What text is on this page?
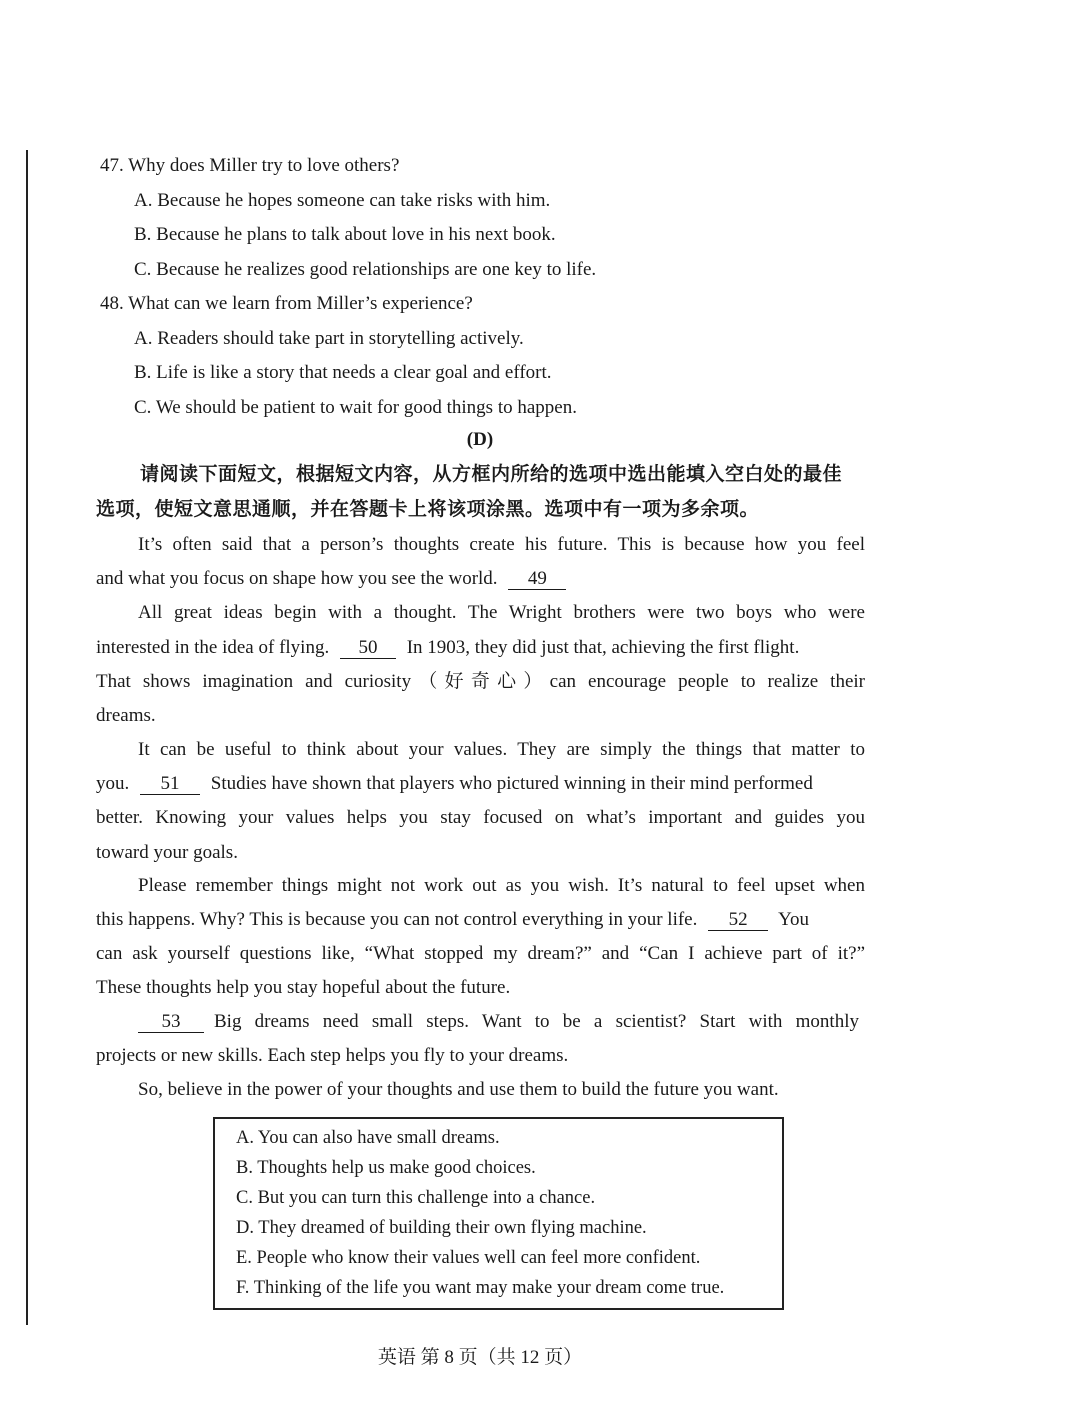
47. Why does Miller try to love others?
A. Because he hopes someone can take risks with him.
B. Because he plans to talk about love in his next book.
C. Because he realizes good relationships are one key to life.
48. What can we learn from Miller’s experience?
A. Readers should take part in storytelling actively.
B. Life is like a story that needs a clear goal and effort.
C. We should be patient to wait for good things to happen.
(D)
请阅读下面短文，根据短文内容，从方框内所给的选项中选出能填入空白处的最佳
选项，使短文意思通顺，并在答题卡上将该项涂黑。选项中有一项为多余项。
It’s often said that a person’s thoughts create his future. This is because how you feel
and what you focus on shape how you see the world. 49
All great ideas begin with a thought. The Wright brothers were two boys who were
interested in the idea of flying. 50 In 1903, they did just that, achieving the first flight.
That shows imagination and curiosity（好奇心）can encourage people to realize their
dreams.
It can be useful to think about your values. They are simply the things that matter to
you. 51 Studies have shown that players who pictured winning in their mind performed
better. Knowing your values helps you stay focused on what’s important and guides you
toward your goals.
Please remember things might not work out as you wish. It’s natural to feel upset when
this happens. Why? This is because you can not control everything in your life. 52 You
can ask yourself questions like, “What stopped my dream?” and “Can I achieve part of it?”
These thoughts help you stay hopeful about the future.
53	Big dreams need small steps. Want to be a scientist? Start with monthly
projects or new skills. Each step helps you fly to your dreams.
So, believe in the power of your thoughts and use them to build the future you want.
A. You can also have small dreams.
B. Thoughts help us make good choices.
C. But you can turn this challenge into a chance.
D. They dreamed of building their own flying machine.
E. People who know their values well can feel more confident.
F. Thinking of the life you want may make your dream come true.
英语 第 8 页（共 12 页）
